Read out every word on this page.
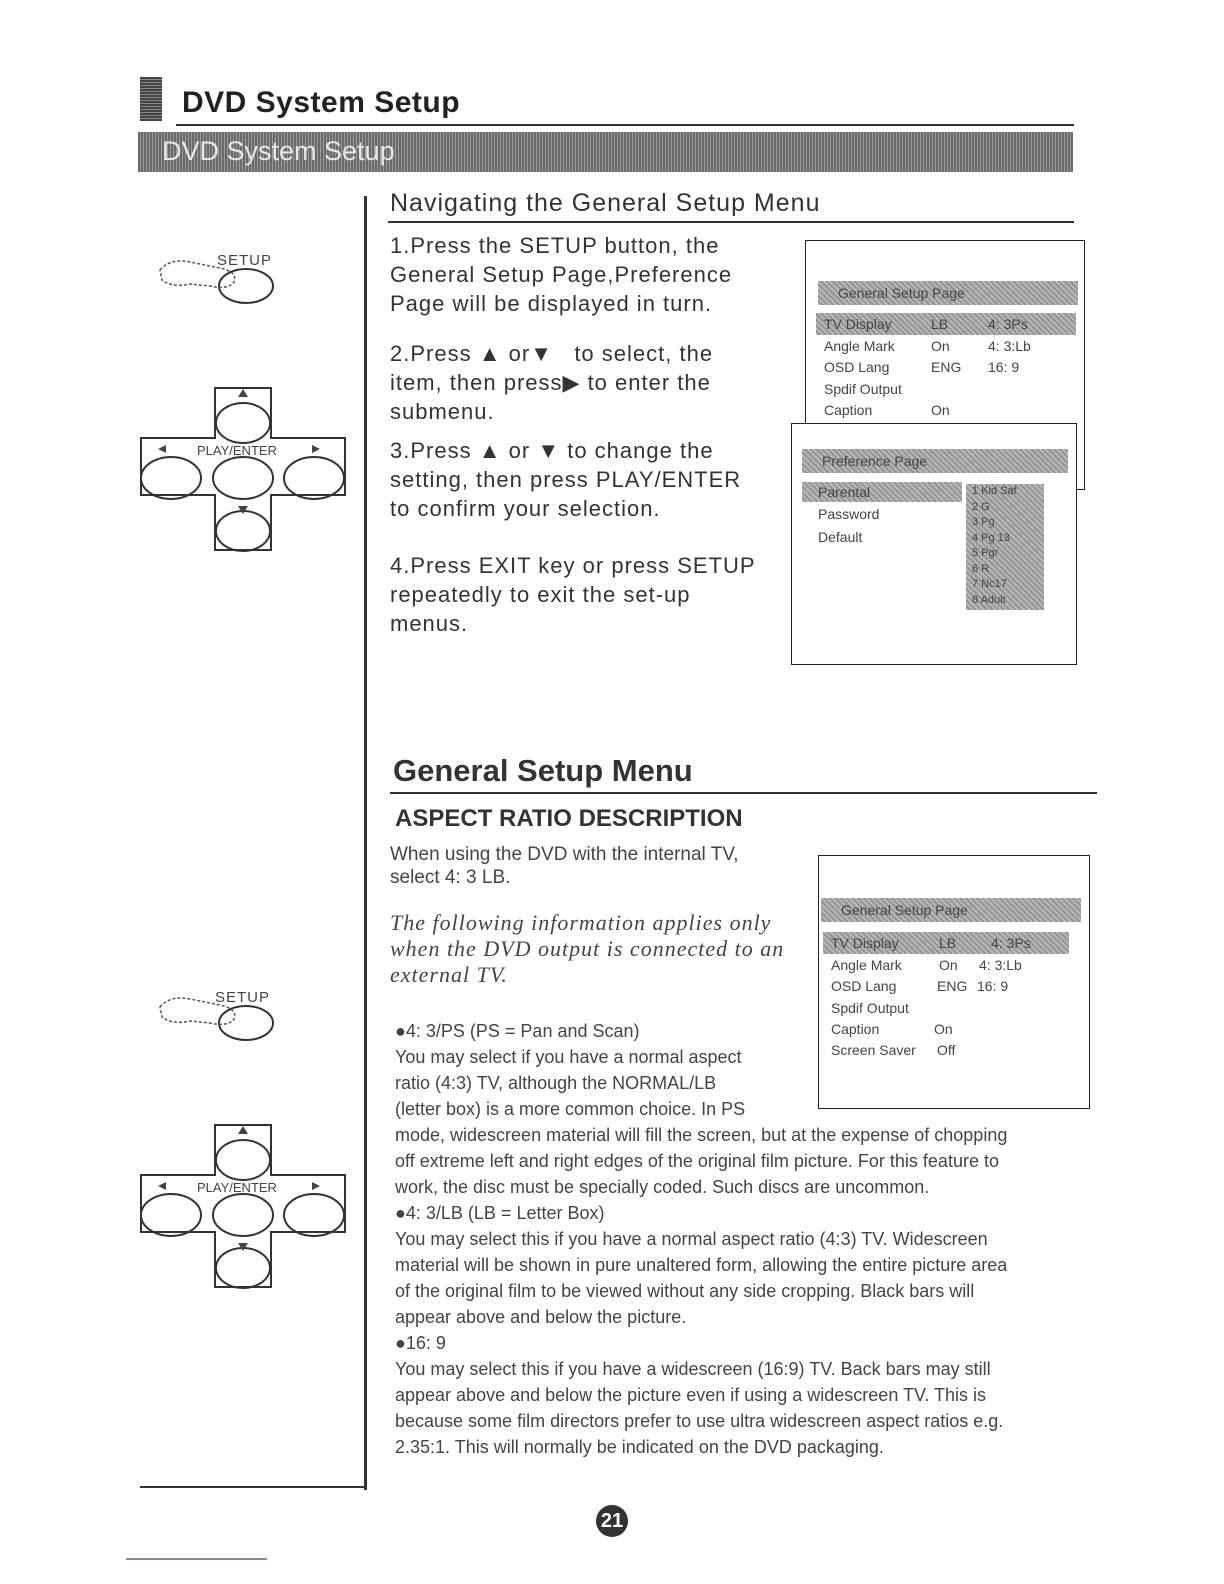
DVD System Setup
DVD System Setup
SETUP
PLAY/ENTER
Navigating the General Setup Menu
1.Press the SETUP button, the
General Setup Page,Preference
Page will be displayed in turn.
2.Press ▲ or▼ to select, the
item, then press▶ to enter the
submenu.
3.Press ▲ or ▼ to change the
setting, then press PLAY/ENTER
to confirm your selection.
4.Press EXIT key or press SETUP
repeatedly to exit the set-up
menus.
General Setup Page
TV Display	LB	4: 3Ps
Angle Mark	On	4: 3:Lb
OSD Lang	ENG 16: 9
Spdif Output
Caption	On
Preference Page
Parental
Password
Default
1 Kid Saf
2 G
3 Pg
4 Pg 13
5 Pgr
6 R
7 Nc17
8 Adult
General Setup Menu
ASPECT RATIO DESCRIPTION
When using the DVD with the internal TV,
select 4: 3 LB.
The following information applies only
when the DVD output is connected to an
external TV.
●4: 3/PS (PS = Pan and Scan)
You may select if you have a normal aspect
ratio (4:3) TV, although the NORMAL/LB
(letter box) is a more common choice. In PS
mode, widescreen material will fill the screen, but at the expense of chopping
off extreme left and right edges of the original film picture. For this feature to
work, the disc must be specially coded. Such discs are uncommon.
●4: 3/LB (LB = Letter Box)
You may select this if you have a normal aspect ratio (4:3) TV. Widescreen
material will be shown in pure unaltered form, allowing the entire picture area
of the original film to be viewed without any side cropping. Black bars will
appear above and below the picture.
●16: 9
You may select this if you have a widescreen (16:9) TV. Back bars may still
appear above and below the picture even if using a widescreen TV. This is
because some film directors prefer to use ultra widescreen aspect ratios e.g.
2.35:1. This will normally be indicated on the DVD packaging.
General Setup Page
TV Display	LB 4: 3Ps
Angle Mark	On 4: 3:Lb
OSD Lang	ENG 16: 9
Spdif Output
Caption	On
Screen Saver Off
SETUP
PLAY/ENTER
21
